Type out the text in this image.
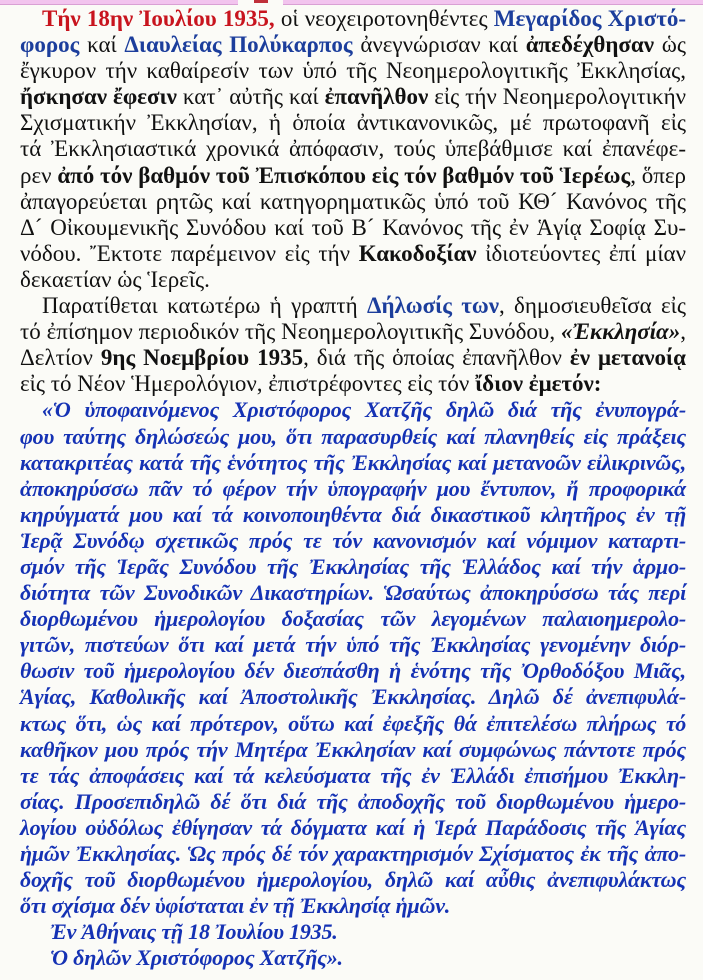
Τήν 18ην Ἰουλίου 1935, οἱ νεοχειροτονηθέντες Μεγαρίδος Χριστό-
φορος καί Διαυλείας Πολύκαρπος ἀνεγνώρισαν καί ἀπεδέχθησαν ὡς
ἔγκυρον τήν καθαίρεσίν των ὑπό τῆς Νεοημερολογιτικῆς Ἐκκλησίας,
ἤσκησαν ἔφεσιν κατ᾽ αὐτῆς καί ἐπανῆλθον εἰς τήν Νεοημερολογιτικήν
Σχισματικήν Ἐκκλησίαν, ἡ ὁποία ἀντικανονικῶς, μέ πρωτοφανῆ εἰς
τά Ἐκκλησιαστικά χρονικά ἀπόφασιν, τούς ὑπεβάθμισε καί ἐπανέφε-
ρεν ἀπό τόν βαθμόν τοῦ Ἐπισκόπου εἰς τόν βαθμόν τοῦ Ἱερέως, ὅπερ
ἀπαγορεύεται ρητῶς καί κατηγορηματικῶς ὑπό τοῦ ΚΘ´ Κανόνος τῆς
Δ´ Οἰκουμενικῆς Συνόδου καί τοῦ Β´ Κανόνος τῆς ἐν Ἁγίᾳ Σοφίᾳ Συ-
νόδου. Ἔκτοτε παρέμεινον εἰς τήν Κακοδοξίαν ἰδιοτεύοντες ἐπί μίαν
δεκαετίαν ὡς Ἱερεῖς.
Παρατίθεται κατωτέρω ἡ γραπτή Δήλωσίς των, δημοσιευθεῖσα εἰς
τό ἐπίσημον περιοδικόν τῆς Νεοημερολογιτικῆς Συνόδου, «Ἐκκλησία»,
Δελτίον 9ης Νοεμβρίου 1935, διά τῆς ὁποίας ἐπανῆλθον ἐν μετανοίᾳ
εἰς τό Νέον Ἡμερολόγιον, ἐπιστρέφοντες εἰς τόν ἴδιον ἐμετόν:
«Ὁ ὑποφαινόμενος Χριστόφορος Χατζῆς δηλῶ διά τῆς ἐνυπογρά-
φου ταύτης δηλώσεώς μου, ὅτι παρασυρθείς καί πλανηθείς εἰς πράξεις
κατακριτέας κατά τῆς ἑνότητος τῆς Ἐκκλησίας καί μετανοῶν εἰλικρινῶς,
ἀποκηρύσσω πᾶν τό φέρον τήν ὑπογραφήν μου ἔντυπον, ἤ προφορικά
κηρύγματά μου καί τά κοινοποιηθέντα διά δικαστικοῦ κλητῆρος ἐν τῇ
Ἱερᾷ Συνόδῳ σχετικῶς πρός τε τόν κανονισμόν καί νόμιμον καταρτι-
σμόν τῆς Ἱερᾶς Συνόδου τῆς Ἐκκλησίας τῆς Ἑλλάδος καί τήν ἁρμο-
διότητα τῶν Συνοδικῶν Δικαστηρίων. Ὡσαύτως ἀποκηρύσσω τάς περί
διορθωμένου ἡμερολογίου δοξασίας τῶν λεγομένων παλαιοημερολο-
γιτῶν, πιστεύων ὅτι καί μετά τήν ὑπό τῆς Ἐκκλησίας γενομένην διόρ-
θωσιν τοῦ ἡμερολογίου δέν διεσπάσθη ἡ ἑνότης τῆς Ὀρθοδόξου Μιᾶς,
Ἁγίας, Καθολικῆς καί Ἀποστολικῆς Ἐκκλησίας. Δηλῶ δέ ἀνεπιφυλά-
κτως ὅτι, ὡς καί πρότερον, οὕτω καί ἐφεξῆς θά ἐπιτελέσω πλήρως τό
καθῆκον μου πρός τήν Μητέρα Ἐκκλησίαν καί συμφώνως πάντοτε πρός
τε τάς ἀποφάσεις καί τά κελεύσματα τῆς ἐν Ἑλλάδι ἐπισήμου Ἐκκλη-
σίας. Προσεπιδηλῶ δέ ὅτι διά τῆς ἀποδοχῆς τοῦ διορθωμένου ἡμερο-
λογίου οὐδόλως ἐθίγησαν τά δόγματα καί ἡ Ἱερά Παράδοσις τῆς Ἁγίας
ἡμῶν Ἐκκλησίας. Ὡς πρός δέ τόν χαρακτηρισμόν Σχίσματος ἐκ τῆς ἀπο-
δοχῆς τοῦ διορθωμένου ἡμερολογίου, δηλῶ καί αὖθις ἀνεπιφυλάκτως
ὅτι σχίσμα δέν ὑφίσταται ἐν τῇ Ἐκκλησίᾳ ἡμῶν.
Ἐν Ἀθήναις τῇ 18 Ἰουλίου 1935.
Ὁ δηλῶν Χριστόφορος Χατζῆς».
